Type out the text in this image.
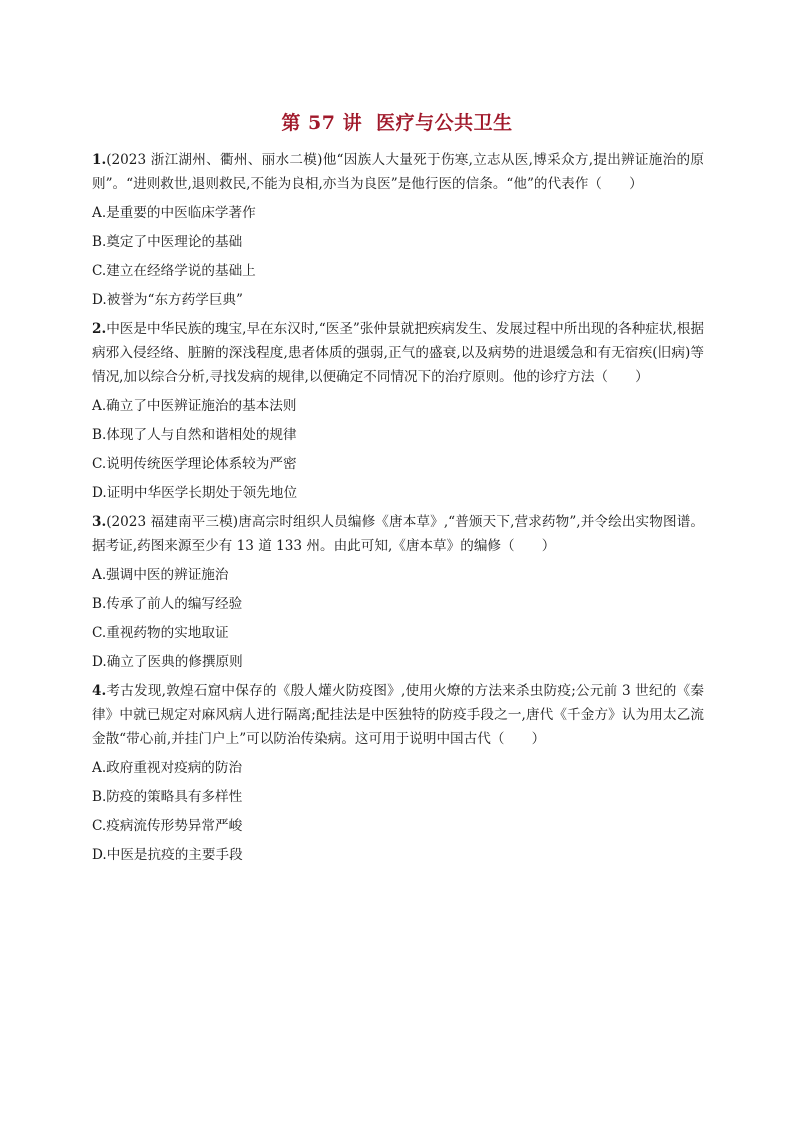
第 57 讲 医疗与公共卫生

1.(2023 浙江湖州、衢州、丽水二模)他“因族人大量死于伤寒,立志从医,博采众方,提出辨证施治的原则”。“进则救世,退则救民,不能为良相,亦当为良医”是他行医的信条。“他”的代表作（　　）

A.是重要的中医临床学著作

B.奠定了中医理论的基础

C.建立在经络学说的基础上

D.被誉为“东方药学巨典”

2.中医是中华民族的瑰宝,早在东汉时,“医圣”张仲景就把疾病发生、发展过程中所出现的各种症状,根据病邪入侵经络、脏腑的深浅程度,患者体质的强弱,正气的盛衰,以及病势的进退缓急和有无宿疾(旧病)等情况,加以综合分析,寻找发病的规律,以便确定不同情况下的治疗原则。他的诊疗方法（　　）

A.确立了中医辨证施治的基本法则

B.体现了人与自然和谐相处的规律

C.说明传统医学理论体系较为严密

D.证明中华医学长期处于领先地位

3.(2023 福建南平三模)唐高宗时组织人员编修《唐本草》,“普颁天下,营求药物”,并令绘出实物图谱。据考证,药图来源至少有 13 道 133 州。由此可知,《唐本草》的编修（　　）

A.强调中医的辨证施治

B.传承了前人的编写经验

C.重视药物的实地取证

D.确立了医典的修撰原则

4.考古发现,敦煌石窟中保存的《殷人爟火防疫图》,使用火燎的方法来杀虫防疫;公元前 3 世纪的《秦律》中就已规定对麻风病人进行隔离;配挂法是中医独特的防疫手段之一,唐代《千金方》认为用太乙流金散“带心前,并挂门户上”可以防治传染病。这可用于说明中国古代（　　）

A.政府重视对疫病的防治

B.防疫的策略具有多样性

C.疫病流传形势异常严峻

D.中医是抗疫的主要手段
